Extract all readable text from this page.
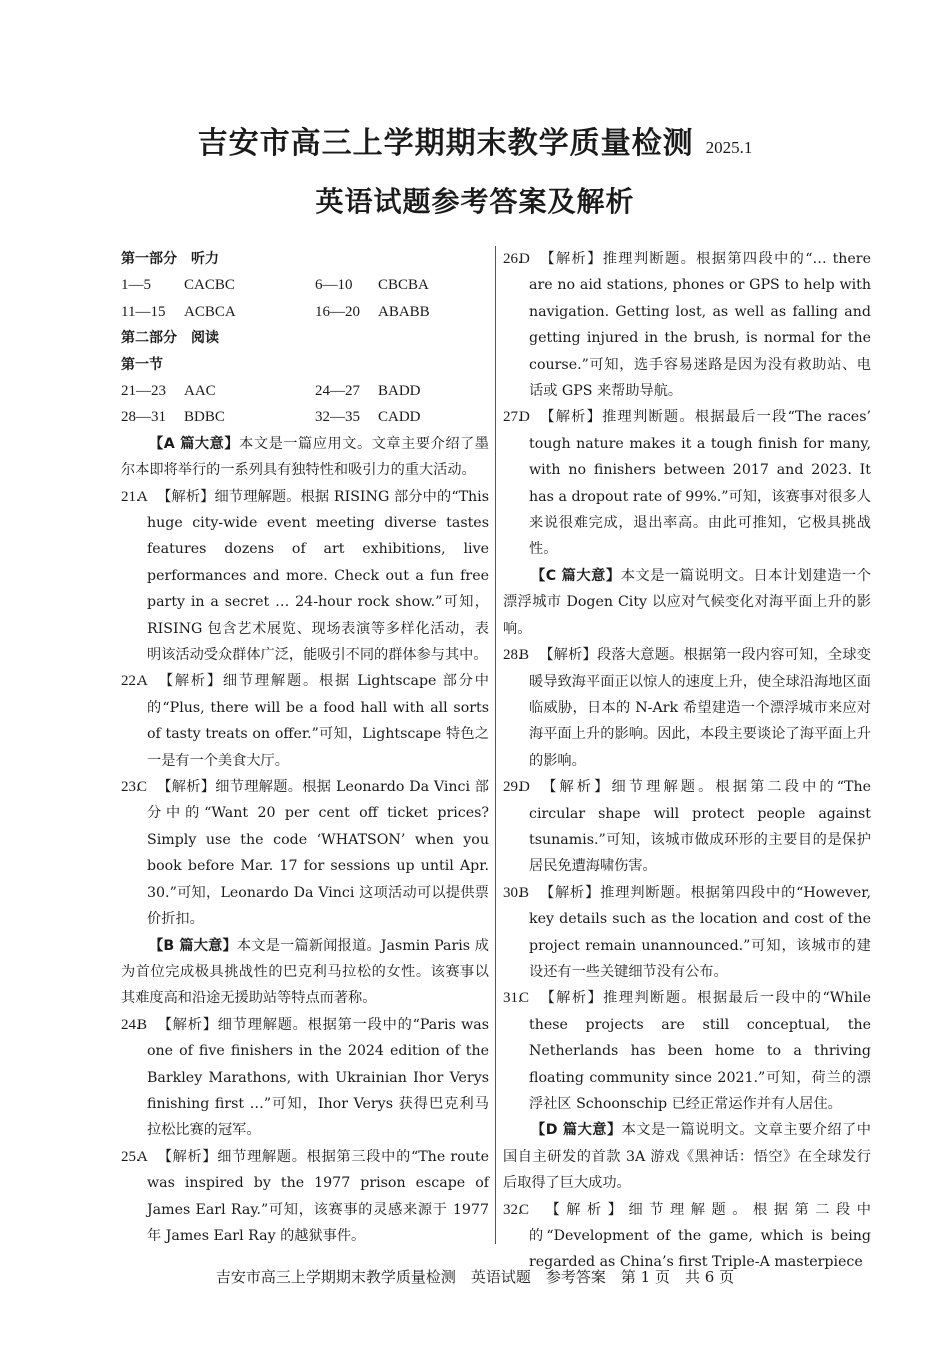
吉安市高三上学期期末教学质量检测 2025.1
英语试题参考答案及解析
第一部分 听力
1—5 CACBC	6—10 CBCBA
11—15 ACBCA	16—20 ABABB
第二部分 阅读
第一节
21—23 AAC	24—27 BADD
28—31 BDBC	32—35 CADD
【A 篇大意】本文是一篇应用文。文章主要介绍了墨尔本即将举行的一系列具有独特性和吸引力的重大活动。
21.A 【解析】细节理解题。根据 RISING 部分中的“This huge city-wide event meeting diverse tastes features dozens of art exhibitions, live performances and more. Check out a fun free party in a secret … 24-hour rock show.”可知，RISING 包含艺术展览、现场表演等多样化活动，表明该活动受众群体广泛，能吸引不同的群体参与其中。
22.A 【解析】细节理解题。根据 Lightscape 部分中的“Plus, there will be a food hall with all sorts of tasty treats on offer.”可知，Lightscape 特色之一是有一个美食大厅。
23.C 【解析】细节理解题。根据 Leonardo Da Vinci 部分中的“Want 20 per cent off ticket prices? Simply use the code ‘WHATSON’ when you book before Mar. 17 for sessions up until Apr. 30.”可知，Leonardo Da Vinci 这项活动可以提供票价折扣。
【B 篇大意】本文是一篇新闻报道。Jasmin Paris 成为首位完成极具挑战性的巴克利马拉松的女性。该赛事以其难度高和沿途无援助站等特点而著称。
24.B 【解析】细节理解题。根据第一段中的“Paris was one of five finishers in the 2024 edition of the Barkley Marathons, with Ukrainian Ihor Verys finishing first …”可知，Ihor Verys 获得巴克利马拉松比赛的冠军。
25.A 【解析】细节理解题。根据第三段中的“The route was inspired by the 1977 prison escape of James Earl Ray.”可知，该赛事的灵感来源于 1977 年 James Earl Ray 的越狱事件。
26.D 【解析】推理判断题。根据第四段中的“… there are no aid stations, phones or GPS to help with navigation. Getting lost, as well as falling and getting injured in the brush, is normal for the course.”可知，选手容易迷路是因为没有救助站、电话或 GPS 来帮助导航。
27.D 【解析】推理判断题。根据最后一段“The races’ tough nature makes it a tough finish for many, with no finishers between 2017 and 2023. It has a dropout rate of 99%.”可知，该赛事对很多人来说很难完成，退出率高。由此可推知，它极具挑战性。
【C 篇大意】本文是一篇说明文。日本计划建造一个漂浮城市 Dogen City 以应对气候变化对海平面上升的影响。
28.B 【解析】段落大意题。根据第一段内容可知，全球变暖导致海平面正以惊人的速度上升，使全球沿海地区面临威胁，日本的 N-Ark 希望建造一个漂浮城市来应对海平面上升的影响。因此，本段主要谈论了海平面上升的影响。
29.D 【解析】细节理解题。根据第二段中的“The circular shape will protect people against tsunamis.”可知，该城市做成环形的主要目的是保护居民免遭海啸伤害。
30.B 【解析】推理判断题。根据第四段中的“However, key details such as the location and cost of the project remain unannounced.”可知，该城市的建设还有一些关键细节没有公布。
31.C 【解析】推理判断题。根据最后一段中的“While these projects are still conceptual, the Netherlands has been home to a thriving floating community since 2021.”可知，荷兰的漂浮社区 Schoonschip 已经正常运作并有人居住。
【D 篇大意】本文是一篇说明文。文章主要介绍了中国自主研发的首款 3A 游戏《黑神话：悟空》在全球发行后取得了巨大成功。
32.C 【解析】细节理解题。根据第二段中的“Development of the game, which is being regarded as China’s first Triple-A masterpiece
吉安市高三上学期期末教学质量检测　英语试题　参考答案　第 1 页　共 6 页
